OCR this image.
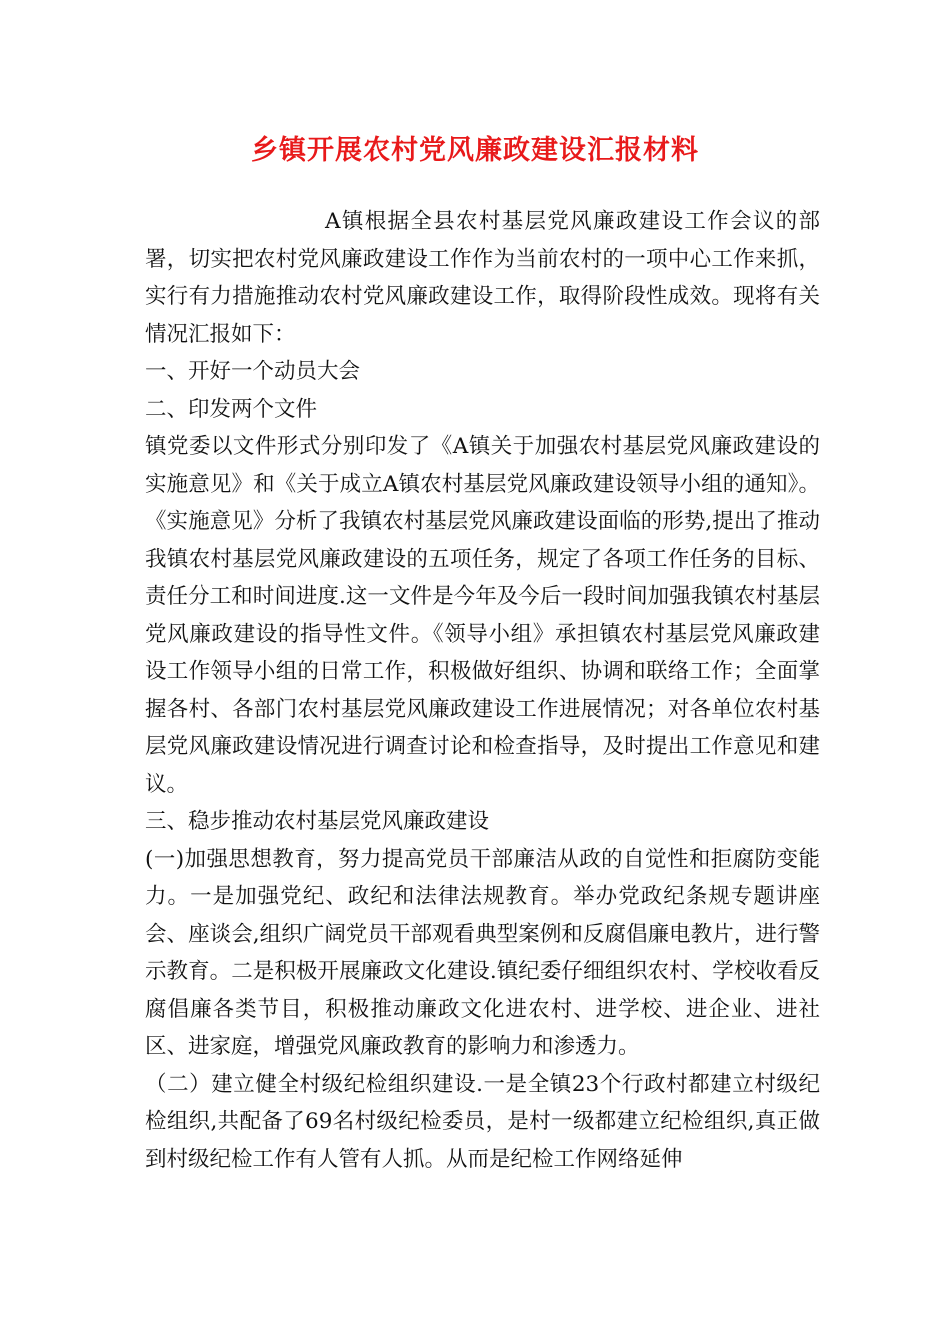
乡镇开展农村党风廉政建设汇报材料

A镇根据全县农村基层党风廉政建设工作会议的部署，切实把农村党风廉政建设工作作为当前农村的一项中心工作来抓，实行有力措施推动农村党风廉政建设工作，取得阶段性成效。现将有关情况汇报如下：

一、开好一个动员大会

二、印发两个文件

镇党委以文件形式分别印发了《A镇关于加强农村基层党风廉政建设的实施意见》和《关于成立A镇农村基层党风廉政建设领导小组的通知》。《实施意见》分析了我镇农村基层党风廉政建设面临的形势,提出了推动我镇农村基层党风廉政建设的五项任务，规定了各项工作任务的目标、责任分工和时间进度.这一文件是今年及今后一段时间加强我镇农村基层党风廉政建设的指导性文件。《领导小组》承担镇农村基层党风廉政建设工作领导小组的日常工作，积极做好组织、协调和联络工作；全面掌握各村、各部门农村基层党风廉政建设工作进展情况；对各单位农村基层党风廉政建设情况进行调查讨论和检查指导，及时提出工作意见和建议。

三、稳步推动农村基层党风廉政建设

(一)加强思想教育，努力提高党员干部廉洁从政的自觉性和拒腐防变能力。一是加强党纪、政纪和法律法规教育。举办党政纪条规专题讲座会、座谈会,组织广阔党员干部观看典型案例和反腐倡廉电教片，进行警示教育。二是积极开展廉政文化建设.镇纪委仔细组织农村、学校收看反腐倡廉各类节目，积极推动廉政文化进农村、进学校、进企业、进社区、进家庭，增强党风廉政教育的影响力和渗透力。

（二）建立健全村级纪检组织建设.一是全镇23个行政村都建立村级纪检组织,共配备了69名村级纪检委员，是村一级都建立纪检组织,真正做到村级纪检工作有人管有人抓。从而是纪检工作网络延伸
